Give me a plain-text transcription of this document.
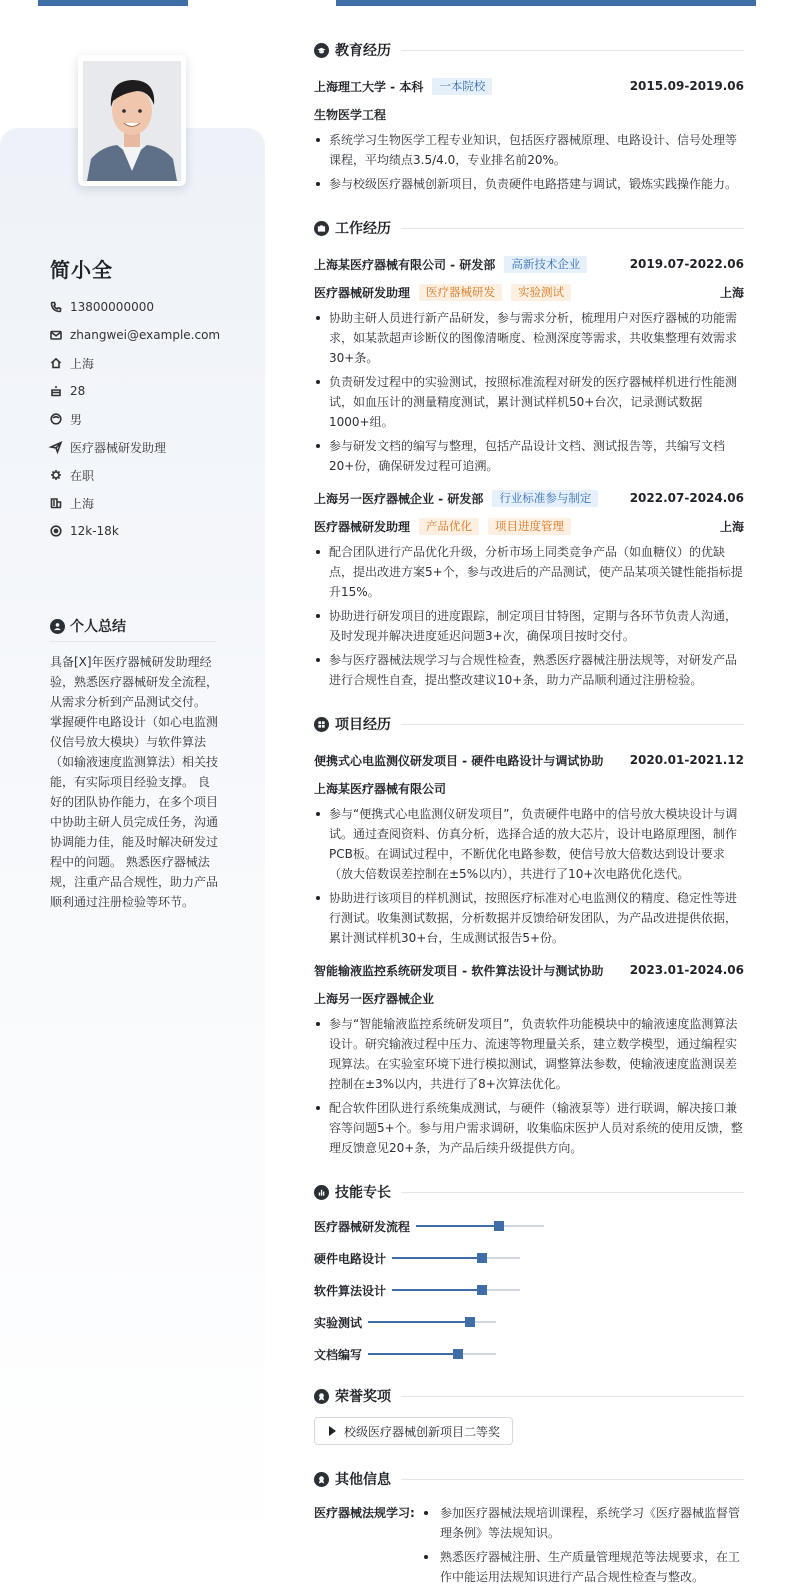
简小全
13800000000
zhangwei@example.com
上海
28
男
医疗器械研发助理
在职
上海
12k-18k
个人总结
具备[X]年医疗器械研发助理经验，熟悉医疗器械研发全流程，从需求分析到产品测试交付。 掌握硬件电路设计（如心电监测仪信号放大模块）与软件算法（如输液速度监测算法）相关技能，有实际项目经验支撑。 良好的团队协作能力，在多个项目中协助主研人员完成任务，沟通协调能力佳，能及时解决研发过程中的问题。 熟悉医疗器械法规，注重产品合规性，助力产品顺利通过注册检验等环节。
教育经历
上海理工大学 - 本科	一本院校	2015.09-2019.06
生物医学工程
系统学习生物医学工程专业知识，包括医疗器械原理、电路设计、信号处理等课程，平均绩点3.5/4.0，专业排名前20%。
参与校级医疗器械创新项目，负责硬件电路搭建与调试，锻炼实践操作能力。
工作经历
上海某医疗器械有限公司 - 研发部	高新技术企业	2019.07-2022.06
医疗器械研发助理	医疗器械研发	实验测试	上海
协助主研人员进行新产品研发，参与需求分析，梳理用户对医疗器械的功能需求，如某款超声诊断仪的图像清晰度、检测深度等需求，共收集整理有效需求30+条。
负责研发过程中的实验测试，按照标准流程对研发的医疗器械样机进行性能测试，如血压计的测量精度测试，累计测试样机50+台次，记录测试数据1000+组。
参与研发文档的编写与整理，包括产品设计文档、测试报告等，共编写文档20+份，确保研发过程可追溯。
上海另一医疗器械企业 - 研发部	行业标准参与制定	2022.07-2024.06
医疗器械研发助理	产品优化	项目进度管理	上海
配合团队进行产品优化升级，分析市场上同类竞争产品（如血糖仪）的优缺点，提出改进方案5+个，参与改进后的产品测试，使产品某项关键性能指标提升15%。
协助进行研发项目的进度跟踪，制定项目甘特图，定期与各环节负责人沟通，及时发现并解决进度延迟问题3+次，确保项目按时交付。
参与医疗器械法规学习与合规性检查，熟悉医疗器械注册法规等，对研发产品进行合规性自查，提出整改建议10+条，助力产品顺利通过注册检验。
项目经历
便携式心电监测仪研发项目 - 硬件电路设计与调试协助 2020.01-2021.12
上海某医疗器械有限公司
参与“便携式心电监测仪研发项目”，负责硬件电路中的信号放大模块设计与调试。通过查阅资料、仿真分析，选择合适的放大芯片，设计电路原理图，制作PCB板。在调试过程中，不断优化电路参数，使信号放大倍数达到设计要求（放大倍数误差控制在±5%以内），共进行了10+次电路优化迭代。
协助进行该项目的样机测试，按照医疗标准对心电监测仪的精度、稳定性等进行测试。收集测试数据，分析数据并反馈给研发团队，为产品改进提供依据，累计测试样机30+台，生成测试报告5+份。
智能输液监控系统研发项目 - 软件算法设计与测试协助 2023.01-2024.06
上海另一医疗器械企业
参与“智能输液监控系统研发项目”，负责软件功能模块中的输液速度监测算法设计。研究输液过程中压力、流速等物理量关系，建立数学模型，通过编程实现算法。在实验室环境下进行模拟测试，调整算法参数，使输液速度监测误差控制在±3%以内，共进行了8+次算法优化。
配合软件团队进行系统集成测试，与硬件（输液泵等）进行联调，解决接口兼容等问题5+个。参与用户需求调研，收集临床医护人员对系统的使用反馈，整理反馈意见20+条，为产品后续升级提供方向。
技能专长
医疗器械研发流程
硬件电路设计
软件算法设计
实验测试
文档编写
荣誉奖项
校级医疗器械创新项目二等奖
其他信息
医疗器械法规学习:	参加医疗器械法规培训课程，系统学习《医疗器械监督管理条例》等法规知识。
熟悉医疗器械注册、生产质量管理规范等法规要求，在工作中能运用法规知识进行产品合规性检查与整改。
